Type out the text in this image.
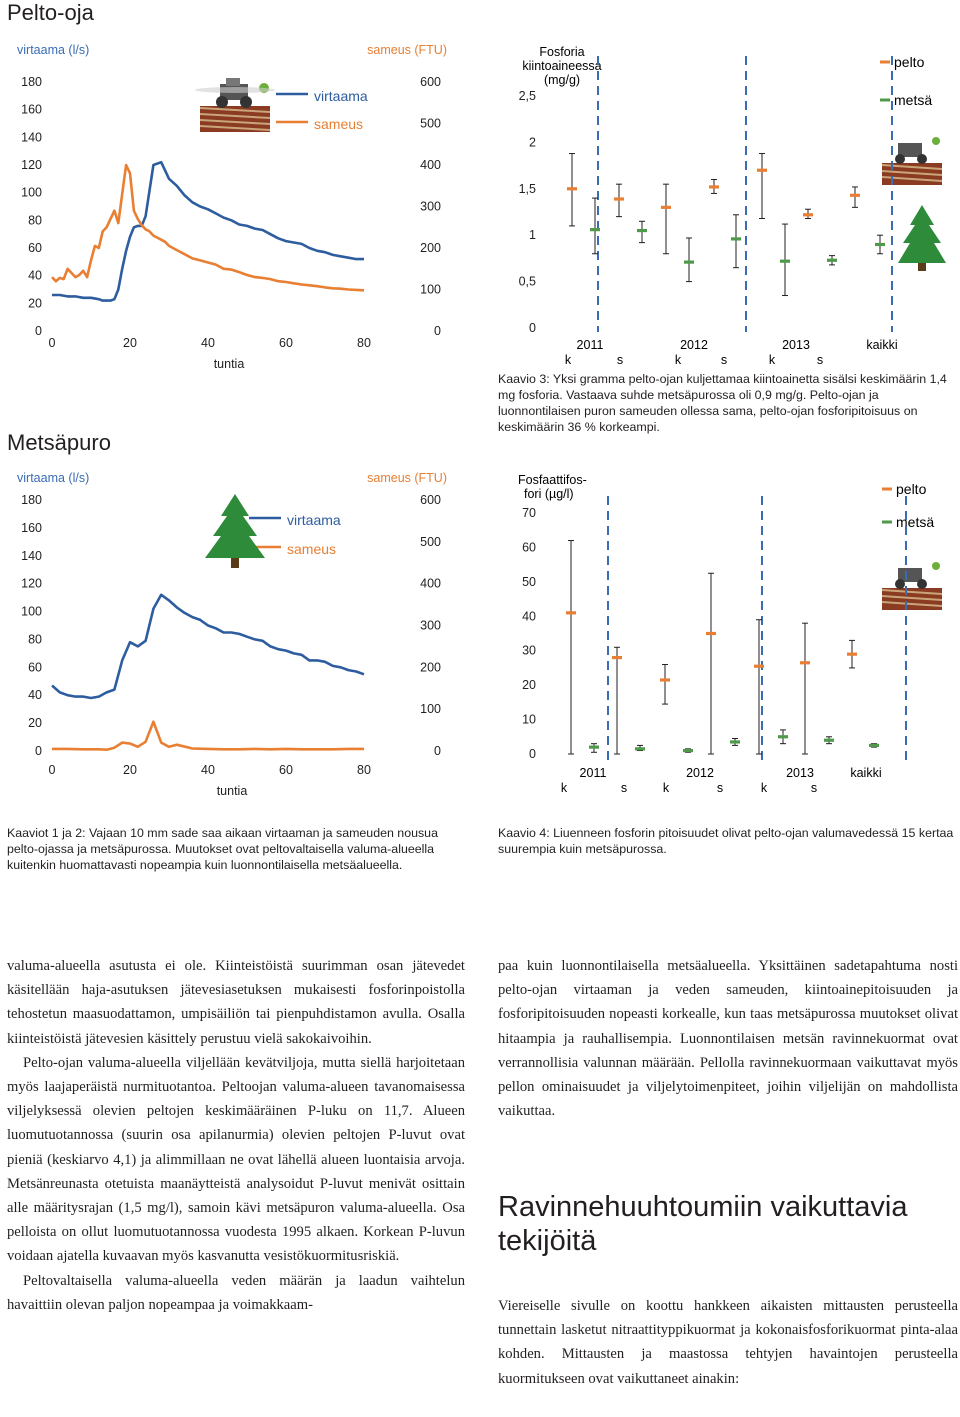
Pelto-oja
Metsäpuro
virtaama (l/s)	sameus (FTU)
tuntia
virtaama
sameus
0
20
40
60
80
100
120
140
160
180
0
100
200
300
400
500
600
0	20	40	60	80
virtaama (l/s)	sameus (FTU)
tuntia
virtaama
sameus
0
20
40
60
80
100
120
140
160
180
0
100
200
300
400
500
600
0	20	40	60	80
Fosforia
kiintoaineessa
(mg/g)
pelto
metsä
0
0,5
1
1,5
2
2,5
2011	2012	2013	kaikki
k	s	k	s	k	s
Fosfaattifos-
fori (µg/l)	pelto
metsä
0
10
20
30
40
50
60
70
2011	2012	2013	kaikki
k	s	k	s	k	s
Kaavio 3: Yksi gramma pelto-ojan kuljettamaa kiintoainetta sisälsi keskimäärin 1,4 mg fosforia. Vastaava suhde metsäpurossa oli 0,9 mg/g. Pelto-ojan ja luonnontilaisen puron sameuden ollessa sama, pelto-ojan fosforipitoisuus on keskimäärin 36 % korkeampi.
Kaaviot 1 ja 2: Vajaan 10 mm sade saa aikaan virtaaman ja sameuden nousua pelto-ojassa ja metsäpurossa. Muutokset ovat peltovaltaisella valuma-alueella kuitenkin huomattavasti nopeampia kuin luonnontilaisella metsäalueella.
Kaavio 4: Liuenneen fosforin pitoisuudet olivat pelto-ojan valumavedessä 15 kertaa suurempia kuin metsäpurossa.

valuma-alueella asutusta ei ole. Kiinteistöistä suurimman osan jätevedet käsitellään haja-asutuksen jätevesiasetuksen mukaisesti fosforinpoistolla tehostetun maasuodattamon, umpisäiliön tai pienpuhdistamon avulla. Osalla kiinteistöistä jätevesien käsittely perustuu vielä sakokaivoihin.

Pelto-ojan valuma-alueella viljellään kevätviljoja, mutta siellä harjoitetaan myös laajaperäistä nurmituotantoa. Peltoojan valuma-alueen tavanomaisessa viljelyksessä olevien peltojen keskimääräinen P-luku on 11,7. Alueen luomutuotannossa (suurin osa apilanurmia) olevien peltojen P-luvut ovat pieniä (keskiarvo 4,1) ja alimmillaan ne ovat lähellä alueen luontaisia arvoja. Metsänreunasta otetuista maanäytteistä analysoidut P-luvut menivät osittain alle määritysrajan (1,5 mg/l), samoin kävi metsäpuron valuma-alueella. Osa pelloista on ollut luomutuotannossa vuodesta 1995 alkaen. Korkean P-luvun voidaan ajatella kuvaavan myös kasvanutta vesistökuormitusriskiä.

Peltovaltaisella valuma-alueella veden määrän ja laadun vaihtelun havaittiin olevan paljon nopeampaa ja voimakkaam-

paa kuin luonnontilaisella metsäalueella. Yksittäinen sadetapahtuma nosti pelto-ojan virtaaman ja veden sameuden, kiintoainepitoisuuden ja fosforipitoisuuden nopeasti korkealle, kun taas metsäpurossa muutokset olivat hitaampia ja rauhallisempia. Luonnontilaisen metsän ravinnekuormat ovat verrannollisia valunnan määrään. Pellolla ravinnekuormaan vaikuttavat myös pellon ominaisuudet ja viljelytoimenpiteet, joihin viljelijän on mahdollista vaikuttaa.

Ravinnehuuhtoumiin vaikuttavia tekijöitä

Viereiselle sivulle on koottu hankkeen aikaisten mittausten perusteella tunnettain lasketut nitraattityppikuormat ja kokonaisfosforikuormat pinta-alaa kohden. Mittausten ja maastossa tehtyjen havaintojen perusteella kuormitukseen ovat vaikuttaneet ainakin:
